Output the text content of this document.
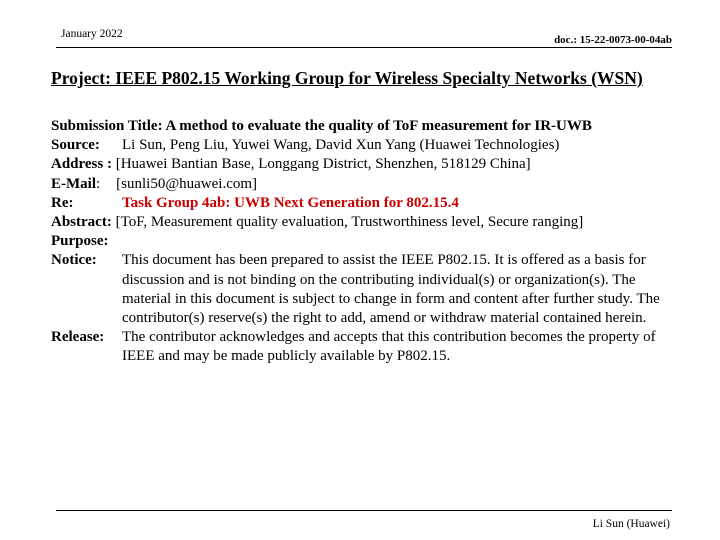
January 2022	doc.: 15-22-0073-00-04ab
Project: IEEE P802.15 Working Group for Wireless Specialty Networks (WSN)
Submission Title: A method to evaluate the quality of ToF measurement for IR-UWB
Source: Li Sun, Peng Liu, Yuwei Wang, David Xun Yang (Huawei Technologies)
Address : [Huawei Bantian Base, Longgang District, Shenzhen, 518129 China]
E-Mail: [sunli50@huawei.com]
Re:	Task Group 4ab: UWB Next Generation for 802.15.4
Abstract: [ToF, Measurement quality evaluation, Trustworthiness level, Secure ranging]
Purpose:
Notice:	This document has been prepared to assist the IEEE P802.15. It is offered as a basis for discussion and is not binding on the contributing individual(s) or organization(s). The material in this document is subject to change in form and content after further study. The contributor(s) reserve(s) the right to add, amend or withdraw material contained herein.
Release:	The contributor acknowledges and accepts that this contribution becomes the property of IEEE and may be made publicly available by P802.15.
Li Sun (Huawei)
